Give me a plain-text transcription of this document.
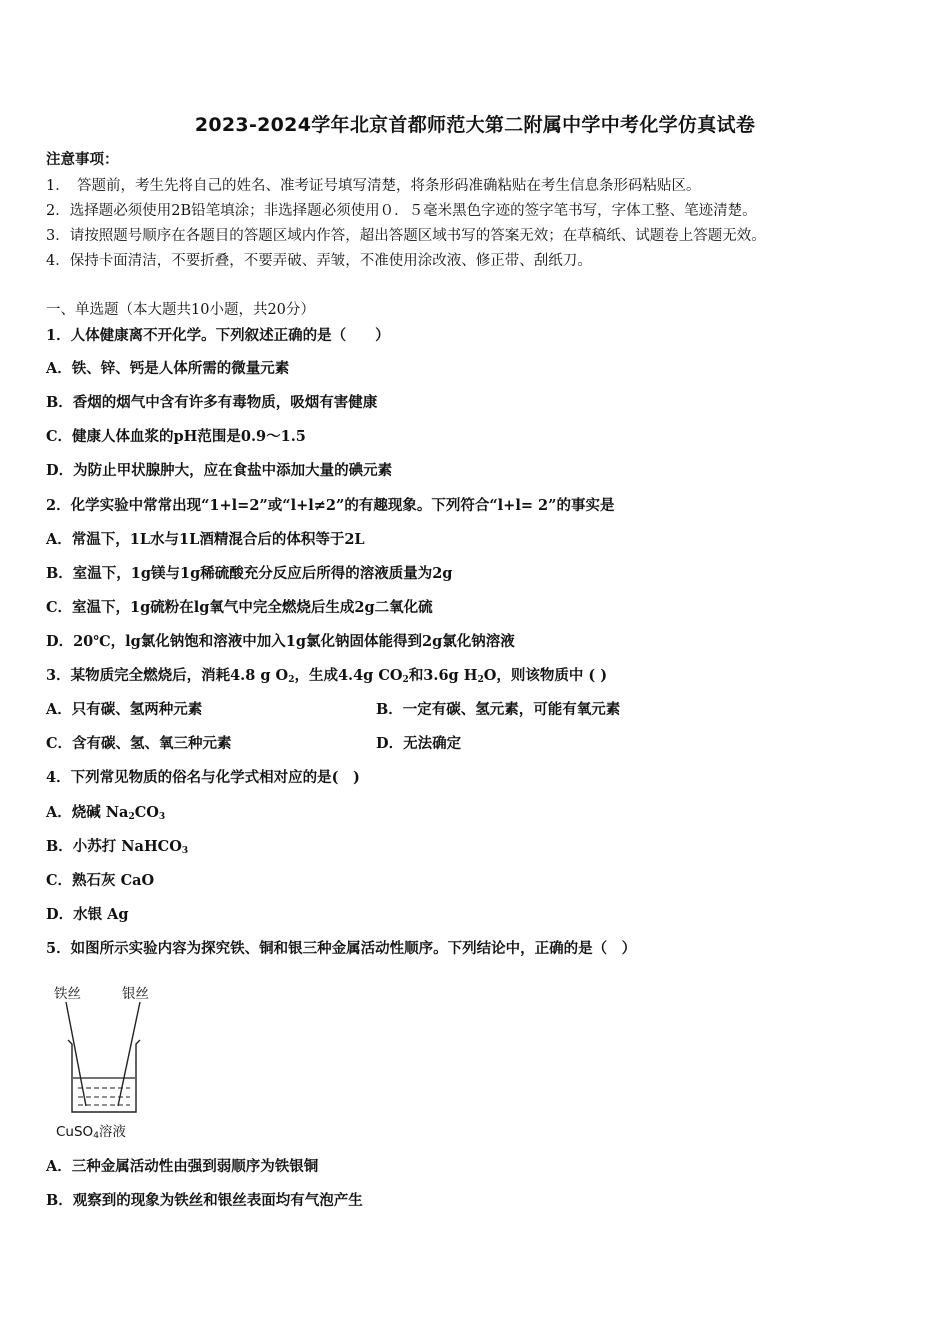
2023-2024学年北京首都师范大第二附属中学中考化学仿真试卷
注意事项：
1．　答题前，考生先将自己的姓名、准考证号填写清楚，将条形码准确粘贴在考生信息条形码粘贴区。
2．选择题必须使用2B铅笔填涂；非选择题必须使用０．５毫米黑色字迹的签字笔书写，字体工整、笔迹清楚。
3．请按照题号顺序在各题目的答题区域内作答，超出答题区域书写的答案无效；在草稿纸、试题卷上答题无效。
4．保持卡面清洁，不要折叠，不要弄破、弄皱，不准使用涂改液、修正带、刮纸刀。
一、单选题（本大题共10小题，共20分）
1．人体健康离不开化学。下列叙述正确的是（　　）
A．铁、锌、钙是人体所需的微量元素
B．香烟的烟气中含有许多有毒物质，吸烟有害健康
C．健康人体血浆的pH范围是0.9～1.5
D．为防止甲状腺肿大，应在食盐中添加大量的碘元素
2．化学实验中常常出现“1+l=2”或“l+l≠2”的有趣现象。下列符合“l+l= 2”的事实是
A．常温下，1L水与1L酒精混合后的体积等于2L
B．室温下，1g镁与1g稀硫酸充分反应后所得的溶液质量为2g
C．室温下，1g硫粉在lg氧气中完全燃烧后生成2g二氧化硫
D．20℃，lg氯化钠饱和溶液中加入1g氯化钠固体能得到2g氯化钠溶液
3．某物质完全燃烧后，消耗4.8 g $O_2$，生成4.4g $CO_2$和3.6g $H_2O$，则该物质中 ( )
A．只有碳、氢两种元素	B．一定有碳、氢元素，可能有氧元素
C．含有碳、氢、氧三种元素	D．无法确定
4．下列常见物质的俗名与化学式相对应的是(　)
A．烧碱 $Na_2CO_3$
B．小苏打 NaHCO$_3$
C．熟石灰 CaO
D．水银 Ag
5．如图所示实验内容为探究铁、铜和银三种金属活动性顺序。下列结论中，正确的是（　）
铁丝	银丝
CuSO$_4$溶液
A．三种金属活动性由强到弱顺序为铁银铜
B．观察到的现象为铁丝和银丝表面均有气泡产生
